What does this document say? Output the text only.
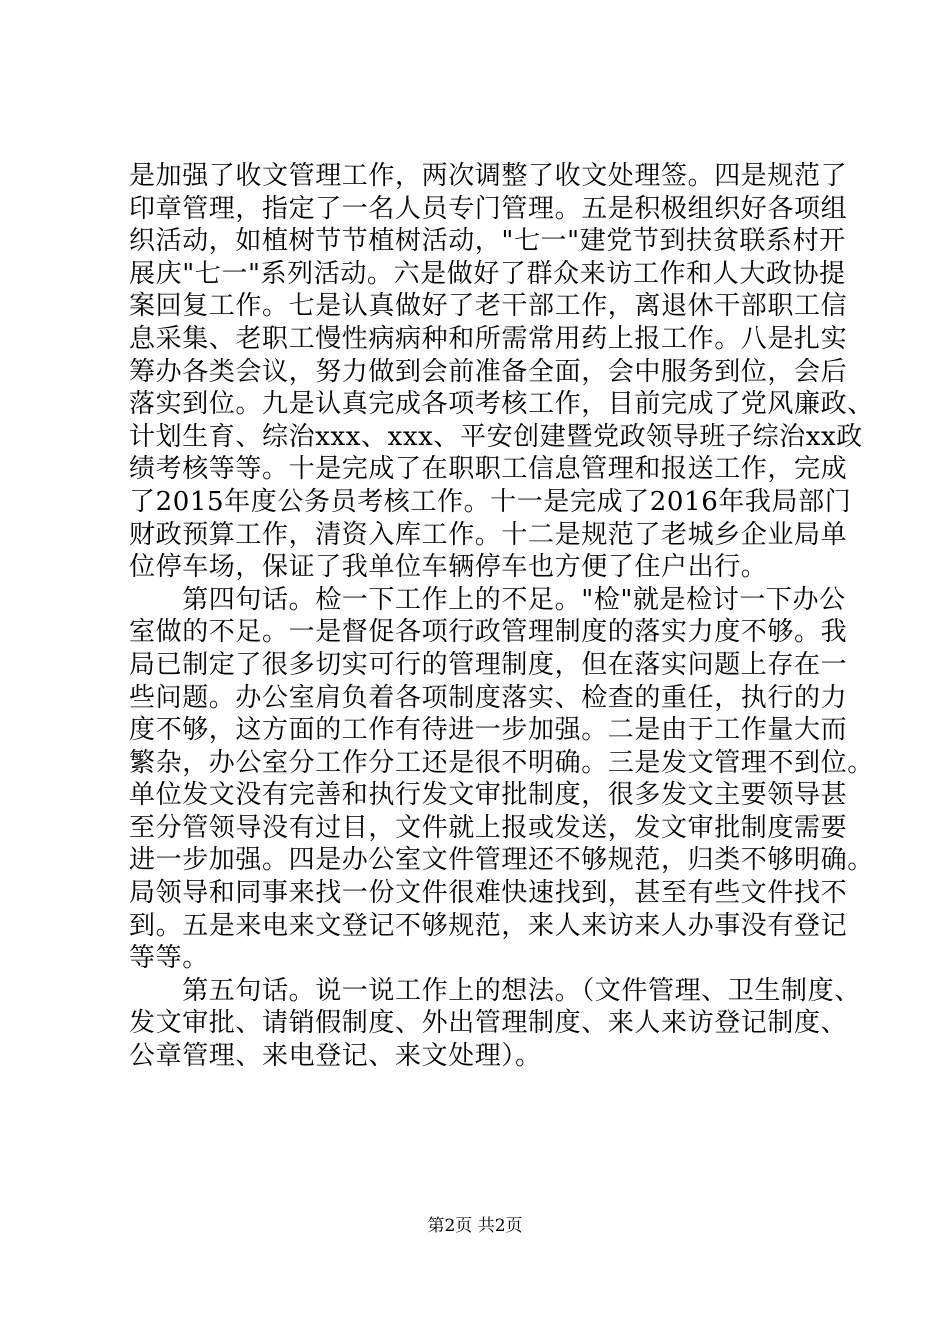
是加强了收文管理工作，两次调整了收文处理签。四是规范了
印章管理，指定了一名人员专门管理。五是积极组织好各项组
织活动，如植树节节植树活动，"七一"建党节到扶贫联系村开
展庆"七一"系列活动。六是做好了群众来访工作和人大政协提
案回复工作。七是认真做好了老干部工作，离退休干部职工信
息采集、老职工慢性病病种和所需常用药上报工作。八是扎实
筹办各类会议，努力做到会前准备全面，会中服务到位，会后
落实到位。九是认真完成各项考核工作，目前完成了党风廉政、
计划生育、综治xxx、xxx、平安创建暨党政领导班子综治xx政
绩考核等等。十是完成了在职职工信息管理和报送工作，完成
了2015年度公务员考核工作。十一是完成了2016年我局部门
财政预算工作，清资入库工作。十二是规范了老城乡企业局单
位停车场，保证了我单位车辆停车也方便了住户出行。
　　第四句话。检一下工作上的不足。"检"就是检讨一下办公
室做的不足。一是督促各项行政管理制度的落实力度不够。我
局已制定了很多切实可行的管理制度，但在落实问题上存在一
些问题。办公室肩负着各项制度落实、检查的重任，执行的力
度不够，这方面的工作有待进一步加强。二是由于工作量大而
繁杂，办公室分工作分工还是很不明确。三是发文管理不到位。
单位发文没有完善和执行发文审批制度，很多发文主要领导甚
至分管领导没有过目，文件就上报或发送，发文审批制度需要
进一步加强。四是办公室文件管理还不够规范，归类不够明确。
局领导和同事来找一份文件很难快速找到，甚至有些文件找不
到。五是来电来文登记不够规范，来人来访来人办事没有登记
等等。
　　第五句话。说一说工作上的想法。（文件管理、卫生制度、
发文审批、请销假制度、外出管理制度、来人来访登记制度、
公章管理、来电登记、来文处理）。
第2页 共2页
